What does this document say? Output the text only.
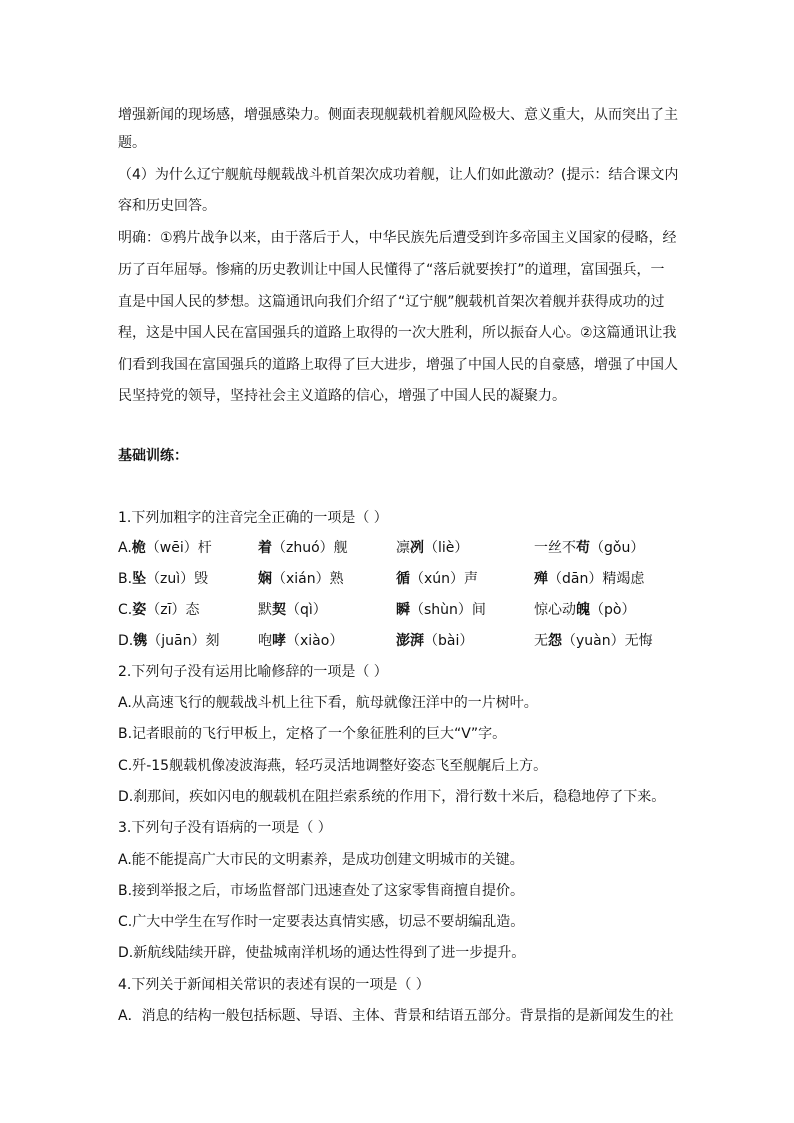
增强新闻的现场感，增强感染力。侧面表现舰载机着舰风险极大、意义重大，从而突出了主
题。
（4）为什么辽宁舰航母舰载战斗机首架次成功着舰，让人们如此激动？(提示：结合课文内
容和历史回答。
明确：①鸦片战争以来，由于落后于人，中华民族先后遭受到许多帝国主义国家的侵略，经
历了百年屈辱。惨痛的历史教训让中国人民懂得了“落后就要挨打”的道理，富国强兵，一
直是中国人民的梦想。这篇通讯向我们介绍了“辽宁舰”舰载机首架次着舰并获得成功的过
程，这是中国人民在富国强兵的道路上取得的一次大胜利，所以振奋人心。②这篇通讯让我
们看到我国在富国强兵的道路上取得了巨大进步，增强了中国人民的自豪感，增强了中国人
民坚持党的领导，坚持社会主义道路的信心，增强了中国人民的凝聚力。
基础训练：
1.下列加粗字的注音完全正确的一项是（ ）
A.桅（wēi）杆	着（zhuó）舰	凛冽（liè）	一丝不苟（gǒu）
B.坠（zuì）毁	娴（xián）熟	循（xún）声	殚（dān）精竭虑
C.姿（zī）态	默契（qì）	瞬（shùn）间	惊心动魄（pò）
D.镌（juān）刻	咆哮（xiào）	澎湃（bài）	无怨（yuàn）无悔
2.下列句子没有运用比喻修辞的一项是（ ）
A.从高速飞行的舰载战斗机上往下看，航母就像汪洋中的一片树叶。
B.记者眼前的飞行甲板上，定格了一个象征胜利的巨大“V”字。
C.歼-15舰载机像凌波海燕，轻巧灵活地调整好姿态飞至舰艉后上方。
D.刹那间，疾如闪电的舰载机在阻拦索系统的作用下，滑行数十米后，稳稳地停了下来。
3.下列句子没有语病的一项是（ ）
A.能不能提高广大市民的文明素养，是成功创建文明城市的关键。
B.接到举报之后，市场监督部门迅速查处了这家零售商擅自提价。
C.广大中学生在写作时一定要表达真情实感，切忌不要胡编乱造。
D.新航线陆续开辟，使盐城南洋机场的通达性得到了进一步提升。
4.下列关于新闻相关常识的表述有误的一项是（ ）
A．消息的结构一般包括标题、导语、主体、背景和结语五部分。背景指的是新闻发生的社
